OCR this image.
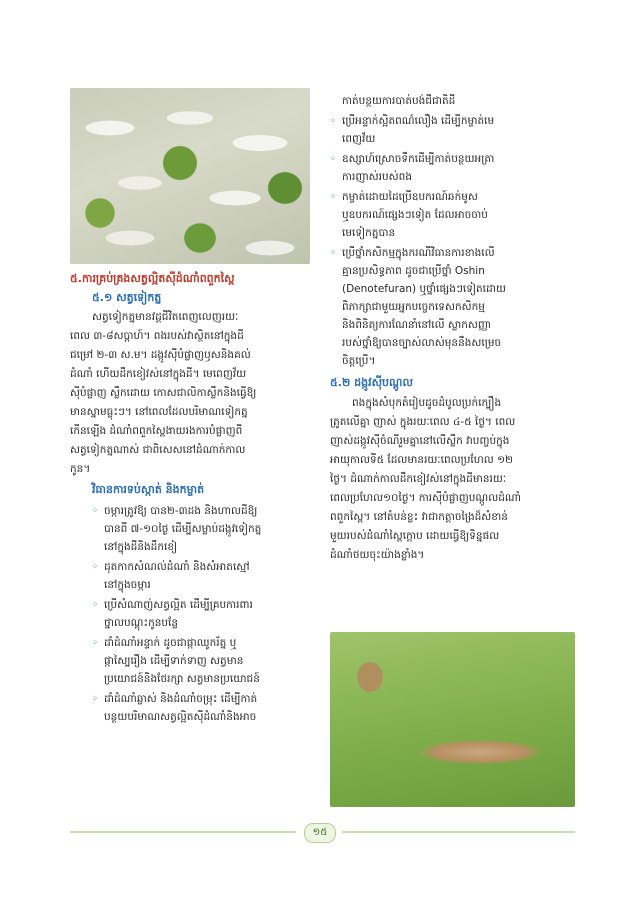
៥.ការគ្រប់គ្រងសត្វល្អិតស៊ីដំណាំពពួកស្ពៃ

៥.១ សត្វទៀកត្ន

សត្វទៀកត្នមានវដ្តជីវិតពេញលេញរយៈ

ពេល ៣-៨សប្តាហ៍។ ពងរបស់វាស្ថិតនៅក្នុងដី

ជម្រៅ ២-៣ ស.ម។ ដង្កូវស៊ីបំផ្លាញឫសនិងគល់

ដំណាំ ហើយដឹកខៀវស់នៅក្នុងដី។ មេពេញវ័យ

ស៊ីបំផ្លាញ ស្លឹកដោយ កោសជាលិកាស្លឹកនិងធ្វើឱ្យ

មានស្នាមធ្លុះៗ។ នៅពេលដែលបរិមាណទៀកត្ន

កើនឡើង ដំណាំពពួកស្ពៃងាយរងការបំផ្លាញពី

សត្វទៀកត្នណាស់ ជាពិសេសនៅដំណាក់កាល

កូន។

វិធានការទប់ស្កាត់ និងកម្ចាត់

◦ ចម្ការត្រូវឱ្យ បាន២-៣ដង និងហាលដីឱ្យ

បានពី ៧-១០ថ្ងៃ ដើម្បីសម្លាប់ដង្កូវទៀកត្ន

នៅក្នុងដីនិងដឹកខៀ

◦ ដុតកាកសំណល់ដំណាំ និងសំអាតស្មៅ

នៅក្នុងចម្ការ

◦ ប្រើសំណាញ់សត្វល្អិត ដើម្បីគ្របការពារ

ថ្នាលបណ្តុះកូនបន្លែ

◦ ដាំដំណាំអន្ទាក់ ដូចជាផ្កាឈូករ័ត្ន ឬ

ផ្កាស្បៃរឿង ដើម្បីទាក់ទាញ សត្វមាន

ប្រយោជន៍និងថែរក្សា សត្វមានប្រយោជន៍

◦ ដាំដំណាំឆ្លាស់ និងដំណាំចម្រុះ ដើម្បីកាត់

បន្ថយបរិមាណសត្វល្អិតស៊ីដំណាំនិងអាច

កាត់បន្ថយការបាត់បង់ជីជាតិដី

◦ ប្រើអន្ទាក់ស្អិតពណ៌លឿង ដើម្បីកម្ចាត់មេ

ពេញវ័យ

◦ ឧស្សាហ៍ស្រោចទឹកដើម្បីកាត់បន្ថយអត្រា

ការញាស់របស់ពង

◦ កម្ចាត់ដោយដៃប្រើឧបករណ៍ឆក់មូស

ឬឧបករណ៍ផ្សេងៗទៀត ដែលអាចចាប់

មេទៀកត្នបាន

◦ ប្រើថ្នាំកសិកម្មក្នុងករណីវិធានការខាងលើ

គ្មានប្រសិទ្ធភាព ដូចជាប្រើថ្នាំ Oshin

(Denotefuran) ឬថ្នាំផ្សេងៗទៀតដោយ

ពិភាក្សាជាមួយអ្នកបច្ចេកទេសកសិកម្ម

និងពិនិត្យការណែនាំនៅលើ ស្លាកសញ្ញា

របស់ថ្នាំឱ្យបានច្បាស់លាស់មុននឹងសម្រេច

ចិត្តប្រើ។

៥.២ ដង្កូវស៊ីបណ្តូល

ពងក្នុងសំបុកតំរៀបដូចដំបូលប្រក់ក្បឿង

ត្រូតលើគ្នា ញាស់ ក្នុងរយៈពេល ៤-៥ ថ្ងៃ។ ពេល

ញាស់ដង្កូវស៊ីចំណីរួមគ្នានៅលើស្លឹក វាបញ្ចប់ក្នុង

អាយុកាលទី៥ ដែលមានរយៈពេលប្រហែល ១២

ថ្ងៃ។ ដំណាក់កាលដឹកខៀវស់នៅក្នុងដីមានរយៈ

ពេលប្រហែល១០ថ្ងៃ។ ការស៊ីបំផ្លាញបណ្តូលដំណាំ

ពពួកស្ពៃ។ នៅតំបន់ខ្លះ វាជាកត្តាចង្រៃដ៏សំខាន់

មួយរបស់ដំណាំស្ពៃក្តោប ដោយធ្វើឱ្យទិន្នផល

ដំណាំថយចុះយ៉ាងខ្លាំង។

១៥
